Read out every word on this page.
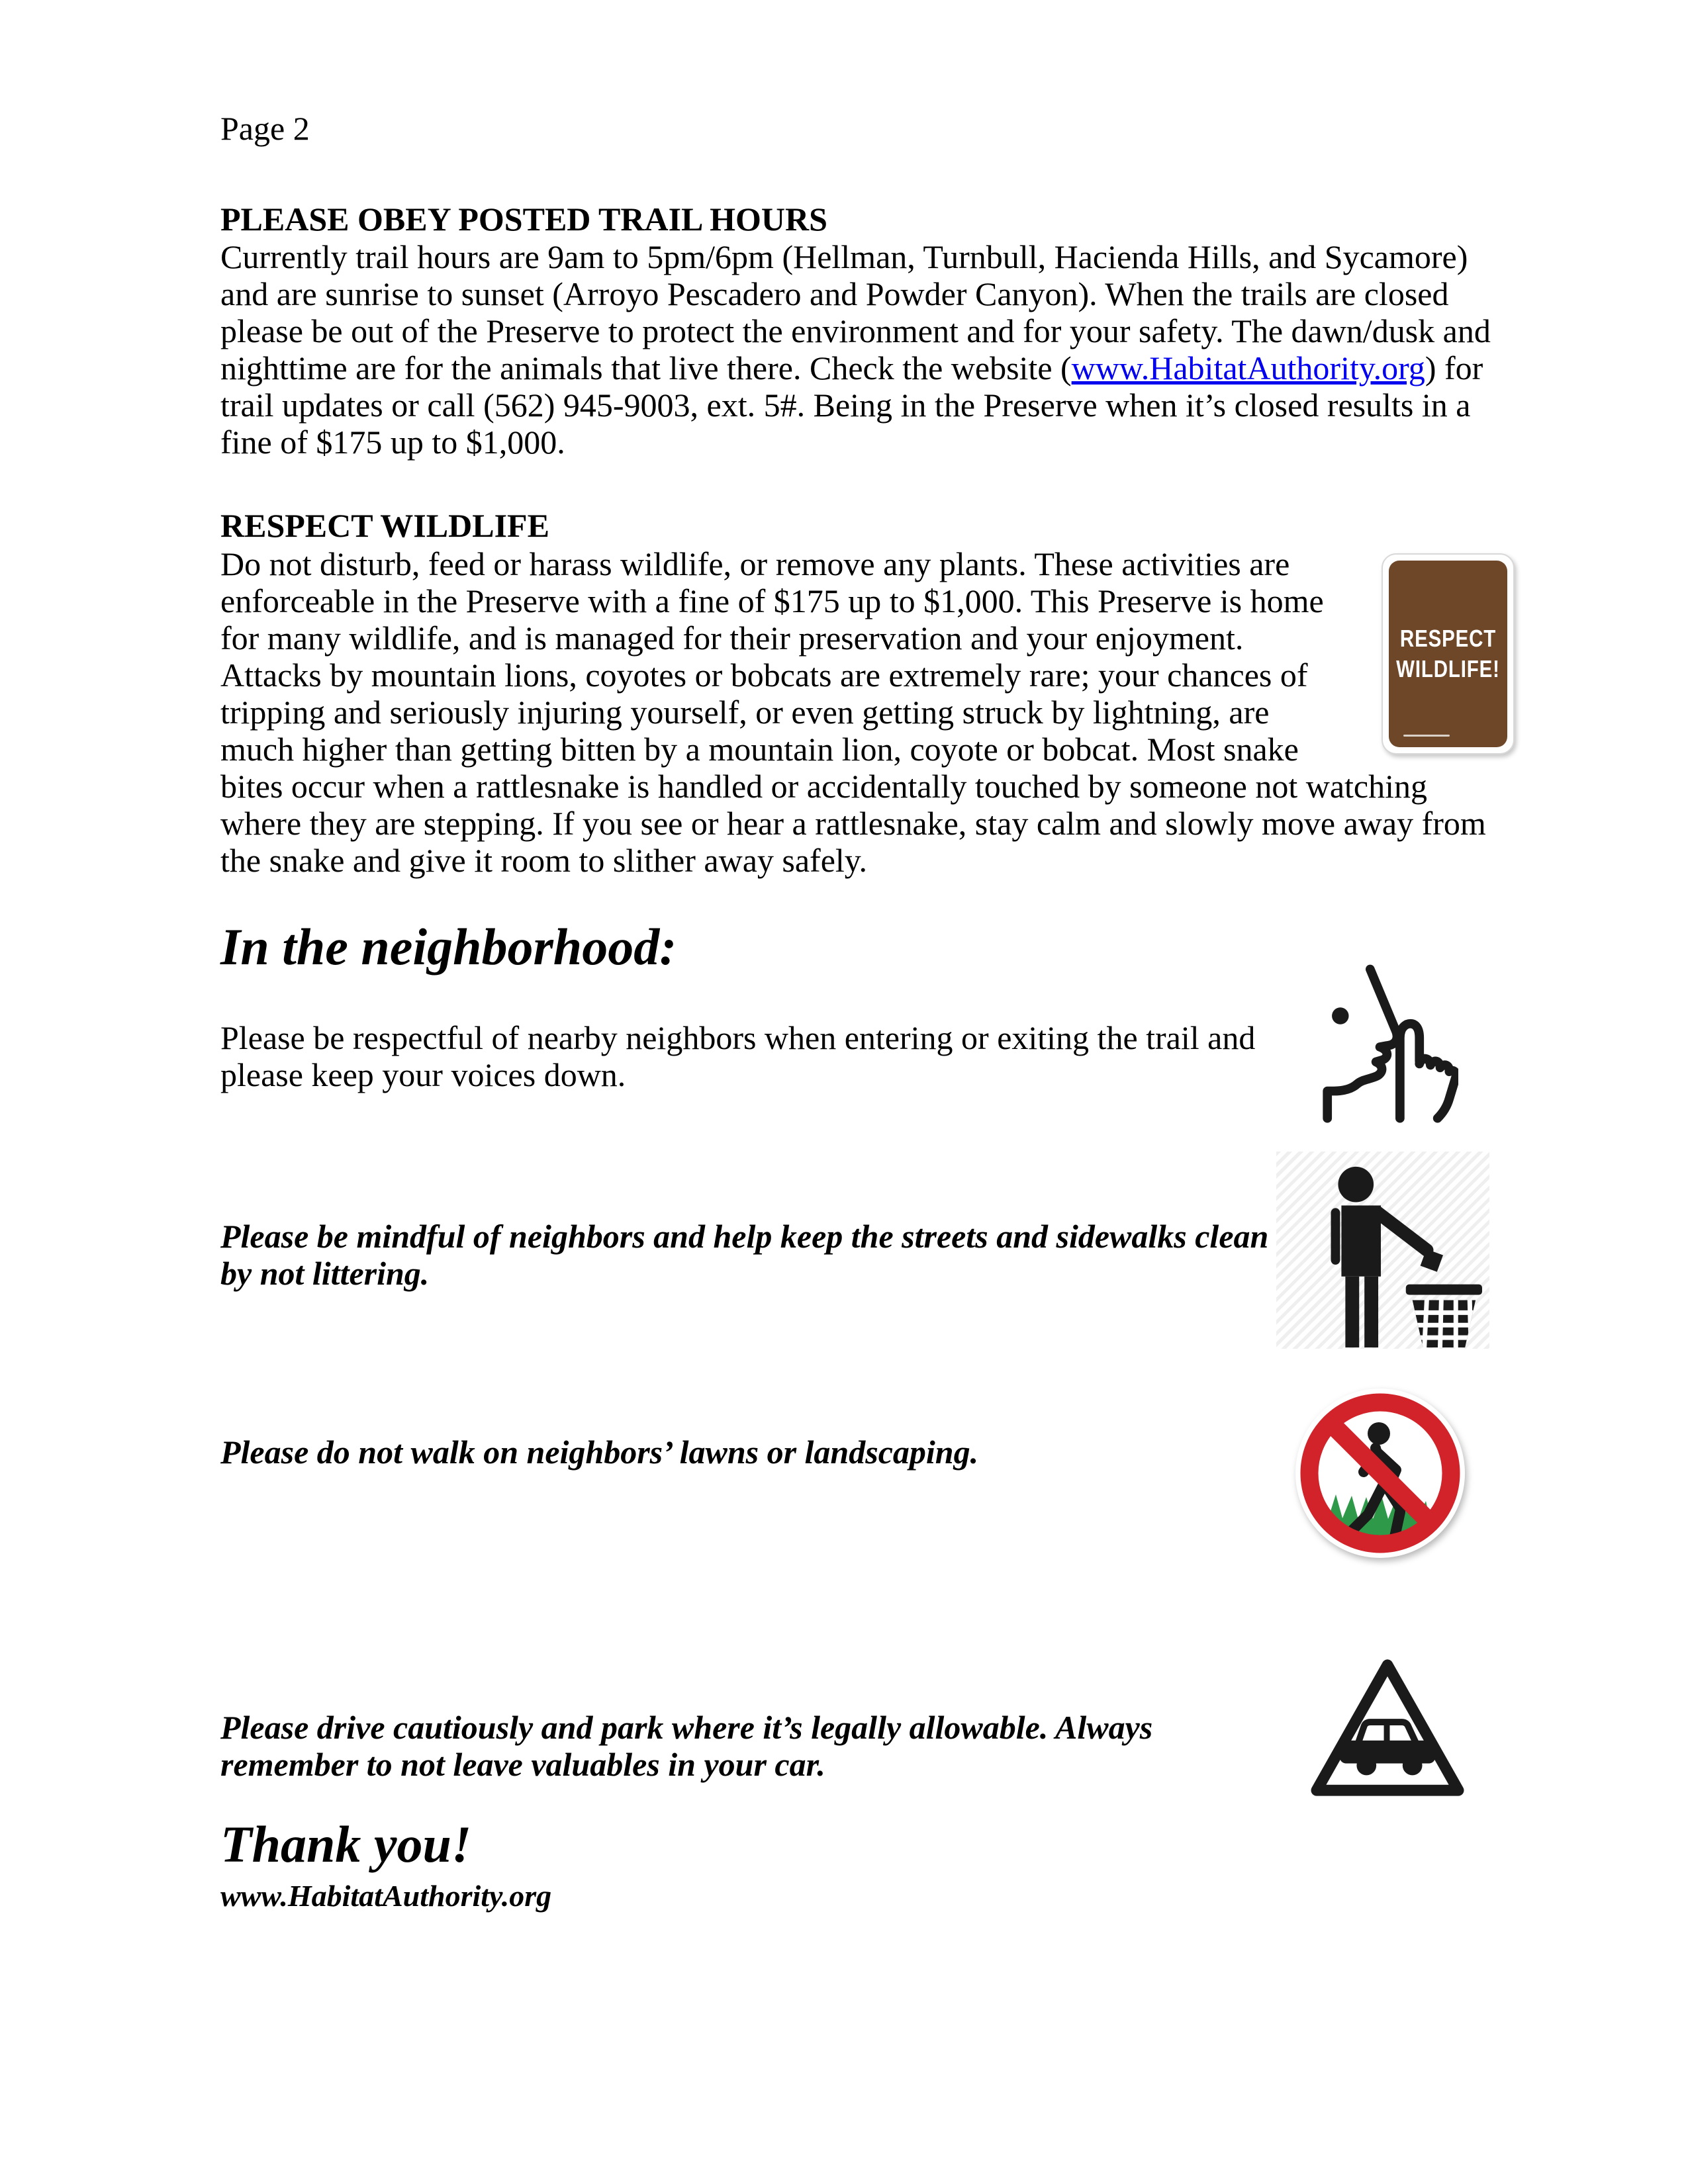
Page 2
PLEASE OBEY POSTED TRAIL HOURS
Currently trail hours are 9am to 5pm/6pm (Hellman, Turnbull, Hacienda Hills, and Sycamore) and are sunrise to sunset (Arroyo Pescadero and Powder Canyon). When the trails are closed please be out of the Preserve to protect the environment and for your safety. The dawn/dusk and nighttime are for the animals that live there. Check the website (www.HabitatAuthority.org) for trail updates or call (562) 945-9003, ext. 5#. Being in the Preserve when it’s closed results in a fine of $175 up to $1,000.
RESPECT WILDLIFE
RESPECT
WILDLIFE!
Do not disturb, feed or harass wildlife, or remove any plants. These activities are enforceable in the Preserve with a fine of $175 up to $1,000. This Preserve is home for many wildlife, and is managed for their preservation and your enjoyment. Attacks by mountain lions, coyotes or bobcats are extremely rare; your chances of tripping and seriously injuring yourself, or even getting struck by lightning, are much higher than getting bitten by a mountain lion, coyote or bobcat. Most snake bites occur when a rattlesnake is handled or accidentally touched by someone not watching where they are stepping. If you see or hear a rattlesnake, stay calm and slowly move away from the snake and give it room to slither away safely.
In the neighborhood:
Please be respectful of nearby neighbors when entering or exiting the trail and please keep your voices down.
Please be mindful of neighbors and help keep the streets and sidewalks clean by not littering.
Please do not walk on neighbors’ lawns or landscaping.
Please drive cautiously and park where it’s legally allowable. Always remember to not leave valuables in your car.
Thank you!
www.HabitatAuthority.org
